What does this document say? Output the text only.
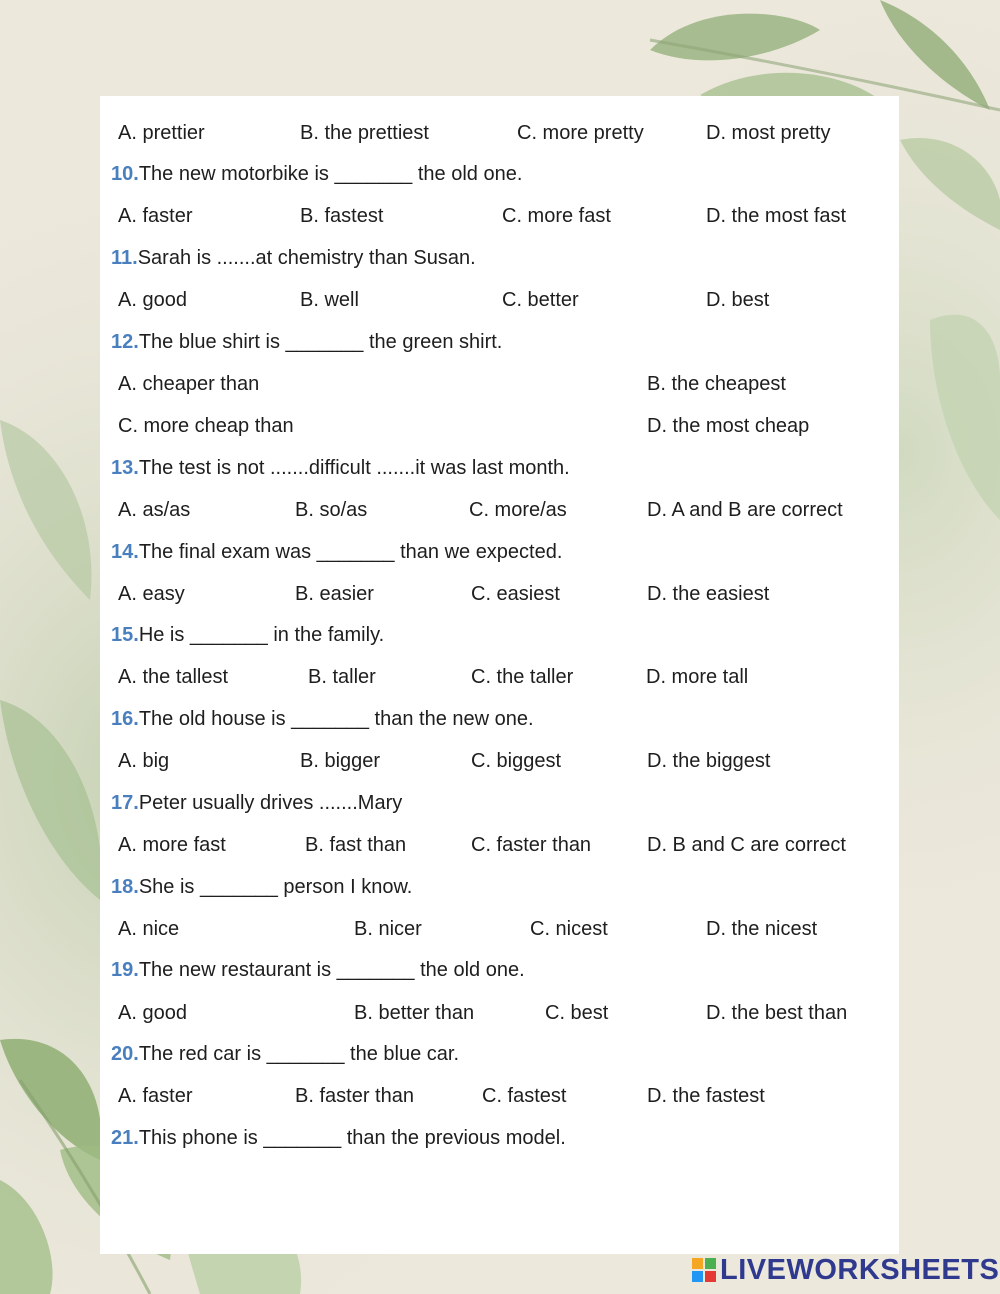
A. prettier	B. the prettiest	C. more pretty	D. most pretty
10.The new motorbike is _______ the old one.
A. faster	B. fastest	C. more fast	D. the most fast
11.Sarah is .......at chemistry than Susan.
A. good	B. well	C. better	D. best
12.The blue shirt is _______ the green shirt.
A. cheaper than	B. the cheapest
C. more cheap than	D. the most cheap
13.The test is not .......difficult .......it was last month.
A. as/as	B. so/as	C. more/as	D. A and B are correct
14.The final exam was _______ than we expected.
A. easy	B. easier	C. easiest	D. the easiest
15.He is _______ in the family.
A. the tallest	B. taller	C. the taller	D. more tall
16.The old house is _______ than the new one.
A. big	B. bigger	C. biggest	D. the biggest
17.Peter usually drives .......Mary
A. more fast	B. fast than	C. faster than	D. B and C are correct
18.She is _______ person I know.
A. nice	B. nicer	C. nicest	D. the nicest
19.The new restaurant is _______ the old one.
A. good	B. better than	C. best	D. the best than
20.The red car is _______ the blue car.
A. faster	B. faster than	C. fastest	D. the fastest
21.This phone is _______ than the previous model.
LIVEWORKSHEETS
